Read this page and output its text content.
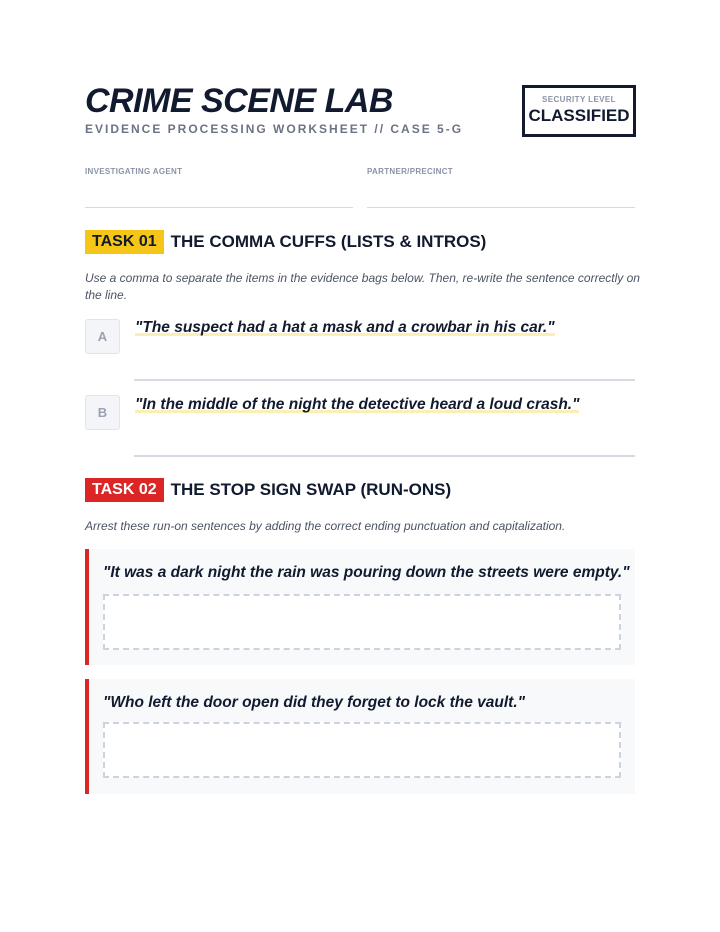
CRIME SCENE LAB
EVIDENCE PROCESSING WORKSHEET // CASE 5-G
SECURITY LEVEL
CLASSIFIED
INVESTIGATING AGENT	PARTNER/PRECINCT
TASK 01 THE COMMA CUFFS (LISTS & INTROS)
Use a comma to separate the items in the evidence bags below. Then, re-write the sentence correctly on the line.
A
"The suspect had a hat a mask and a crowbar in his car."
B	"In the middle of the night the detective heard a loud crash."
TASK 02 THE STOP SIGN SWAP (RUN-ONS)
Arrest these run-on sentences by adding the correct ending punctuation and capitalization.
"It was a dark night the rain was pouring down the streets were empty."
"Who left the door open did they forget to lock the vault."
